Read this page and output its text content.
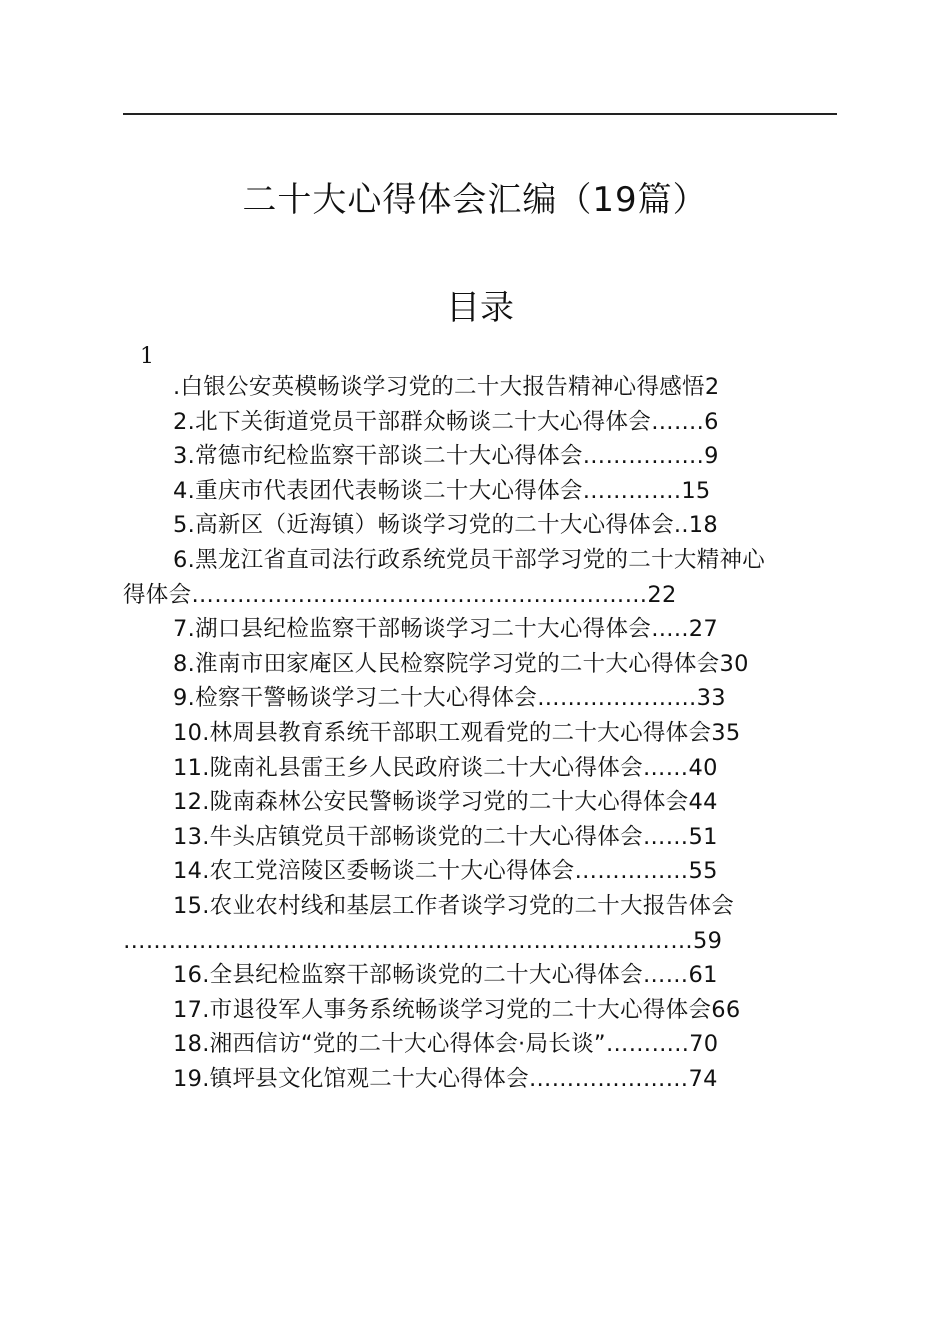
二十大心得体会汇编（19篇）
目录
1
.白银公安英模畅谈学习党的二十大报告精神心得感悟2
2.北下关街道党员干部群众畅谈二十大心得体会…….6
3.常德市纪检监察干部谈二十大心得体会…………….9
4.重庆市代表团代表畅谈二十大心得体会………….15
5.高新区（近海镇）畅谈学习党的二十大心得体会..18
6.黑龙江省直司法行政系统党员干部学习党的二十大精神心
得体会……………………………………………………22
7.湖口县纪检监察干部畅谈学习二十大心得体会…..27
8.淮南市田家庵区人民检察院学习党的二十大心得体会30
9.检察干警畅谈学习二十大心得体会…………………33
10.林周县教育系统干部职工观看党的二十大心得体会35
11.陇南礼县雷王乡人民政府谈二十大心得体会……40
12.陇南森林公安民警畅谈学习党的二十大心得体会44
13.牛头店镇党员干部畅谈党的二十大心得体会……51
14.农工党涪陵区委畅谈二十大心得体会……………55
15.农业农村线和基层工作者谈学习党的二十大报告体会
…………………………………………………………………59
16.全县纪检监察干部畅谈党的二十大心得体会……61
17.市退役军人事务系统畅谈学习党的二十大心得体会66
18.湘西信访“党的二十大心得体会·局长谈”………..70
19.镇坪县文化馆观二十大心得体会…………………74
